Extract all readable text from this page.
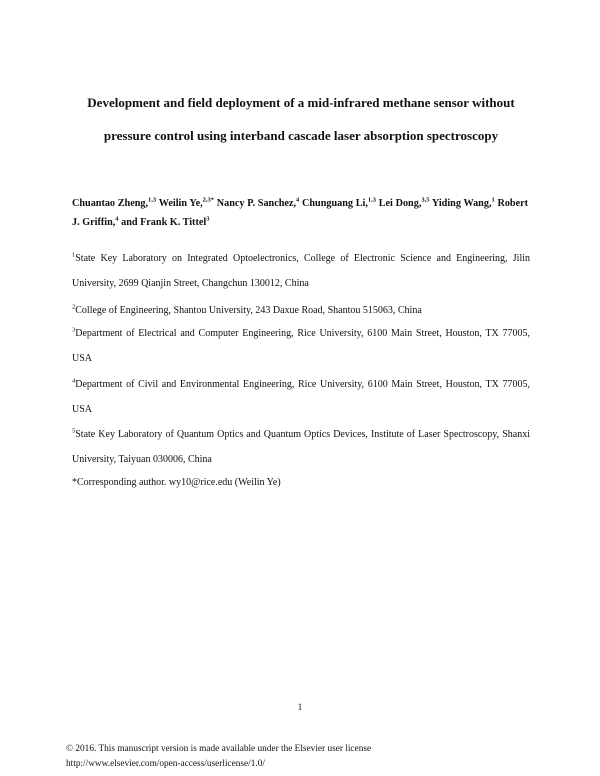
Development and field deployment of a mid-infrared methane sensor without
pressure control using interband cascade laser absorption spectroscopy
Chuantao Zheng,$^{1,3}$ Weilin Ye,$^{2,3*}$ Nancy P. Sanchez,$^4$ Chunguang Li,$^{1,3}$ Lei Dong,$^{3,5}$ Yiding Wang,$^1$ Robert J. Griffin,$^4$ and Frank K. Tittel$^3$
$^1$State Key Laboratory on Integrated Optoelectronics, College of Electronic Science and Engineering, Jilin University, 2699 Qianjin Street, Changchun 130012, China
$^2$College of Engineering, Shantou University, 243 Daxue Road, Shantou 515063, China
$^3$Department of Electrical and Computer Engineering, Rice University, 6100 Main Street, Houston, TX 77005, USA
$^4$Department of Civil and Environmental Engineering, Rice University, 6100 Main Street, Houston, TX 77005, USA
$^5$State Key Laboratory of Quantum Optics and Quantum Optics Devices, Institute of Laser Spectroscopy, Shanxi University, Taiyuan 030006, China
*Corresponding author. wy10@rice.edu (Weilin Ye)
1
© 2016. This manuscript version is made available under the Elsevier user license
http://www.elsevier.com/open-access/userlicense/1.0/
